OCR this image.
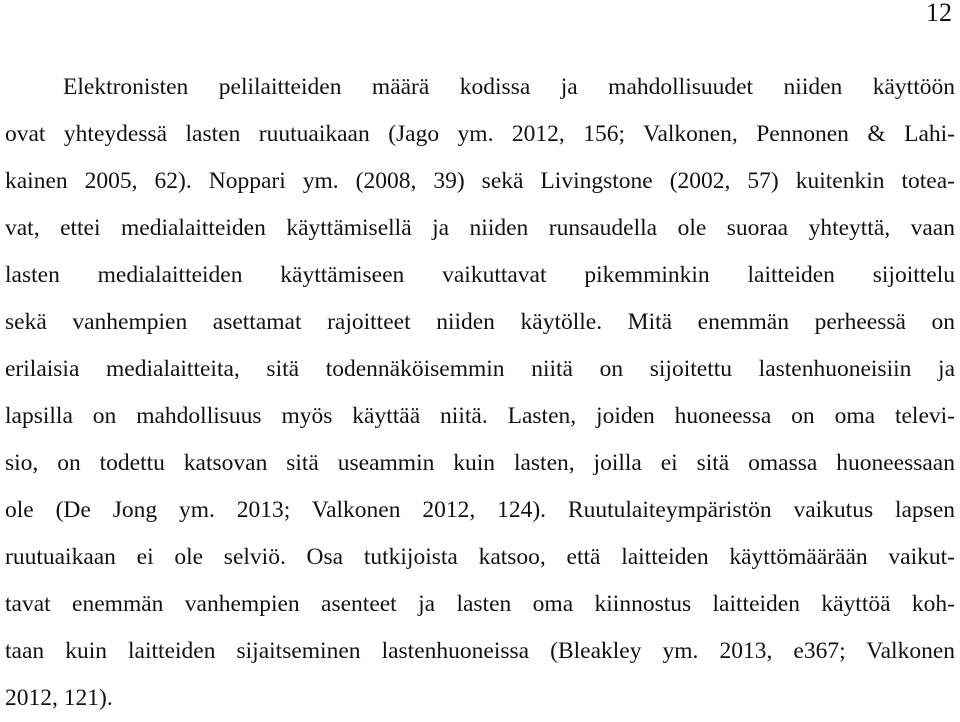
12
Elektronisten pelilaitteiden määrä kodissa ja mahdollisuudet niiden käyttöön
ovat yhteydessä lasten ruutuaikaan (Jago ym. 2012, 156; Valkonen, Pennonen & Lahi-
kainen 2005, 62). Noppari ym. (2008, 39) sekä Livingstone (2002, 57) kuitenkin totea-
vat, ettei medialaitteiden käyttämisellä ja niiden runsaudella ole suoraa yhteyttä, vaan
lasten medialaitteiden käyttämiseen vaikuttavat pikemminkin laitteiden sijoittelu
sekä vanhempien asettamat rajoitteet niiden käytölle. Mitä enemmän perheessä on
erilaisia medialaitteita, sitä todennäköisemmin niitä on sijoitettu lastenhuoneisiin ja
lapsilla on mahdollisuus myös käyttää niitä. Lasten, joiden huoneessa on oma televi-
sio, on todettu katsovan sitä useammin kuin lasten, joilla ei sitä omassa huoneessaan
ole (De Jong ym. 2013; Valkonen 2012, 124). Ruutulaiteympäristön vaikutus lapsen
ruutuaikaan ei ole selviö. Osa tutkijoista katsoo, että laitteiden käyttömäärään vaikut-
tavat enemmän vanhempien asenteet ja lasten oma kiinnostus laitteiden käyttöä koh-
taan kuin laitteiden sijaitseminen lastenhuoneissa (Bleakley ym. 2013, e367; Valkonen
2012, 121).
